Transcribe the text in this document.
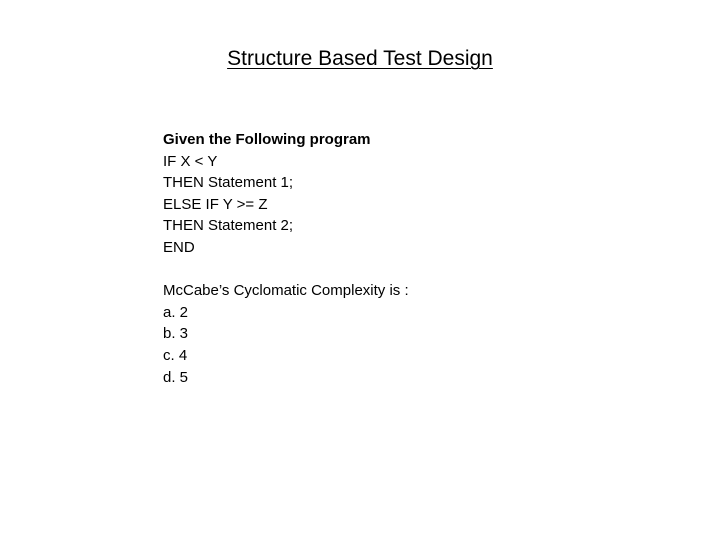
Structure Based Test Design
Given the Following program
IF X < Y
THEN Statement 1;
ELSE IF Y >= Z
THEN Statement 2;
END
McCabe’s Cyclomatic Complexity is :
a. 2
b. 3
c. 4
d. 5
